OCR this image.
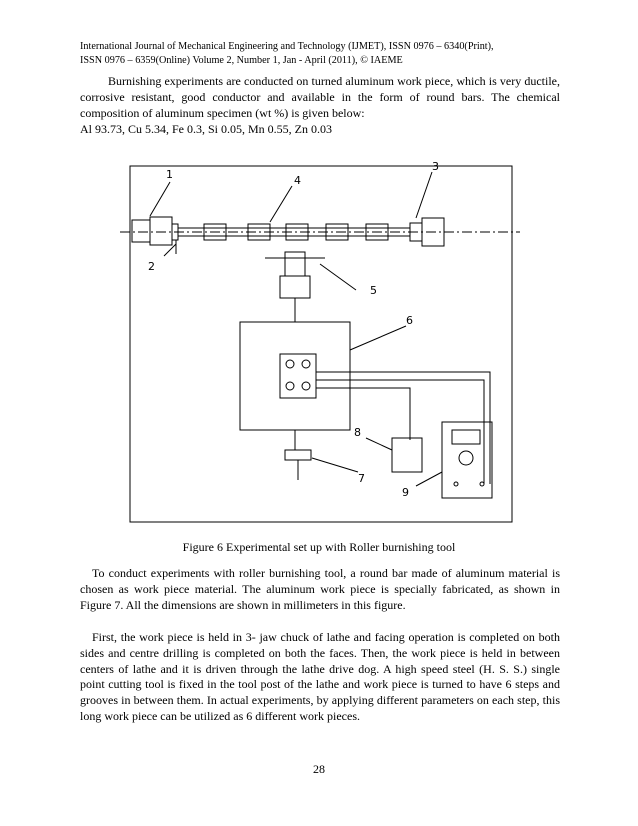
International Journal of Mechanical Engineering and Technology (IJMET), ISSN 0976 – 6340(Print),
ISSN 0976 – 6359(Online) Volume 2, Number 1, Jan - April (2011), © IAEME
Burnishing experiments are conducted on turned aluminum work piece, which is very ductile, corrosive resistant, good conductor and available in the form of round bars. The chemical composition of aluminum specimen (wt %) is given below:
Al 93.73, Cu 5.34, Fe 0.3, Si 0.05, Mn 0.55, Zn 0.03
1
2
3
4
5
6
7
8
9
Figure 6 Experimental set up with Roller burnishing tool
To conduct experiments with roller burnishing tool, a round bar made of aluminum material is chosen as work piece material. The aluminum work piece is specially fabricated, as shown in Figure 7. All the dimensions are shown in millimeters in this figure.
First, the work piece is held in 3- jaw chuck of lathe and facing operation is completed on both sides and centre drilling is completed on both the faces. Then, the work piece is held in between centers of lathe and it is driven through the lathe drive dog. A high speed steel (H. S. S.) single point cutting tool is fixed in the tool post of the lathe and work piece is turned to have 6 steps and grooves in between them. In actual experiments, by applying different parameters on each step, this long work piece can be utilized as 6 different work pieces.
28
